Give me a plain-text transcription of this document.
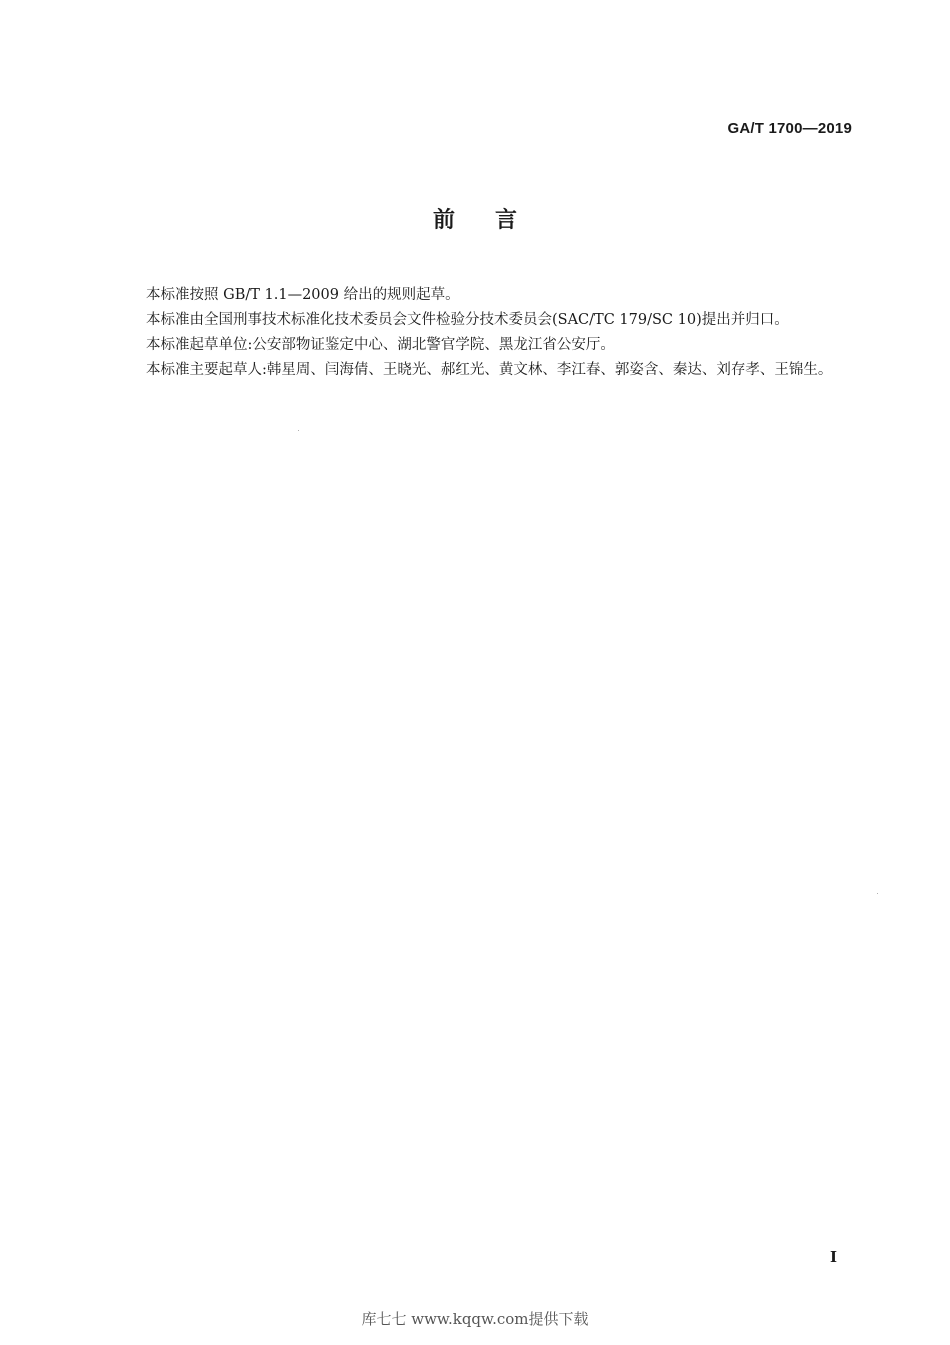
GA/T 1700—2019
前言

本标准按照 GB/T 1.1—2009 给出的规则起草。

本标准由全国刑事技术标准化技术委员会文件检验分技术委员会(SAC/TC 179/SC 10)提出并归口。

本标准起草单位:公安部物证鉴定中心、湖北警官学院、黑龙江省公安厅。

本标准主要起草人:韩星周、闫海倩、王晓光、郝红光、黄文林、李江春、郭姿含、秦达、刘存孝、王锦生。

I
库七七 www.kqqw.com提供下载
